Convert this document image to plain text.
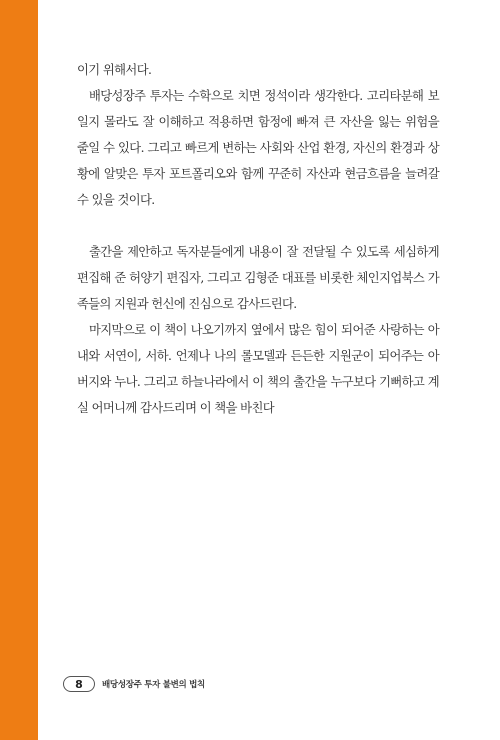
이기 위해서다.

배당성장주 투자는 수학으로 치면 정석이라 생각한다. 고리타분해 보일지 몰라도 잘 이해하고 적용하면 함정에 빠져 큰 자산을 잃는 위험을 줄일 수 있다. 그리고 빠르게 변하는 사회와 산업 환경, 자신의 환경과 상황에 알맞은 투자 포트폴리오와 함께 꾸준히 자산과 현금흐름을 늘려갈 수 있을 것이다.

출간을 제안하고 독자분들에게 내용이 잘 전달될 수 있도록 세심하게 편집해 준 허양기 편집자, 그리고 김형준 대표를 비롯한 체인지업북스 가족들의 지원과 헌신에 진심으로 감사드린다.

마지막으로 이 책이 나오기까지 옆에서 많은 힘이 되어준 사랑하는 아내와 서연이, 서하. 언제나 나의 롤모델과 든든한 지원군이 되어주는 아버지와 누나. 그리고 하늘나라에서 이 책의 출간을 누구보다 기뻐하고 계실 어머니께 감사드리며 이 책을 바친다

8	배당성장주 투자 불변의 법칙
